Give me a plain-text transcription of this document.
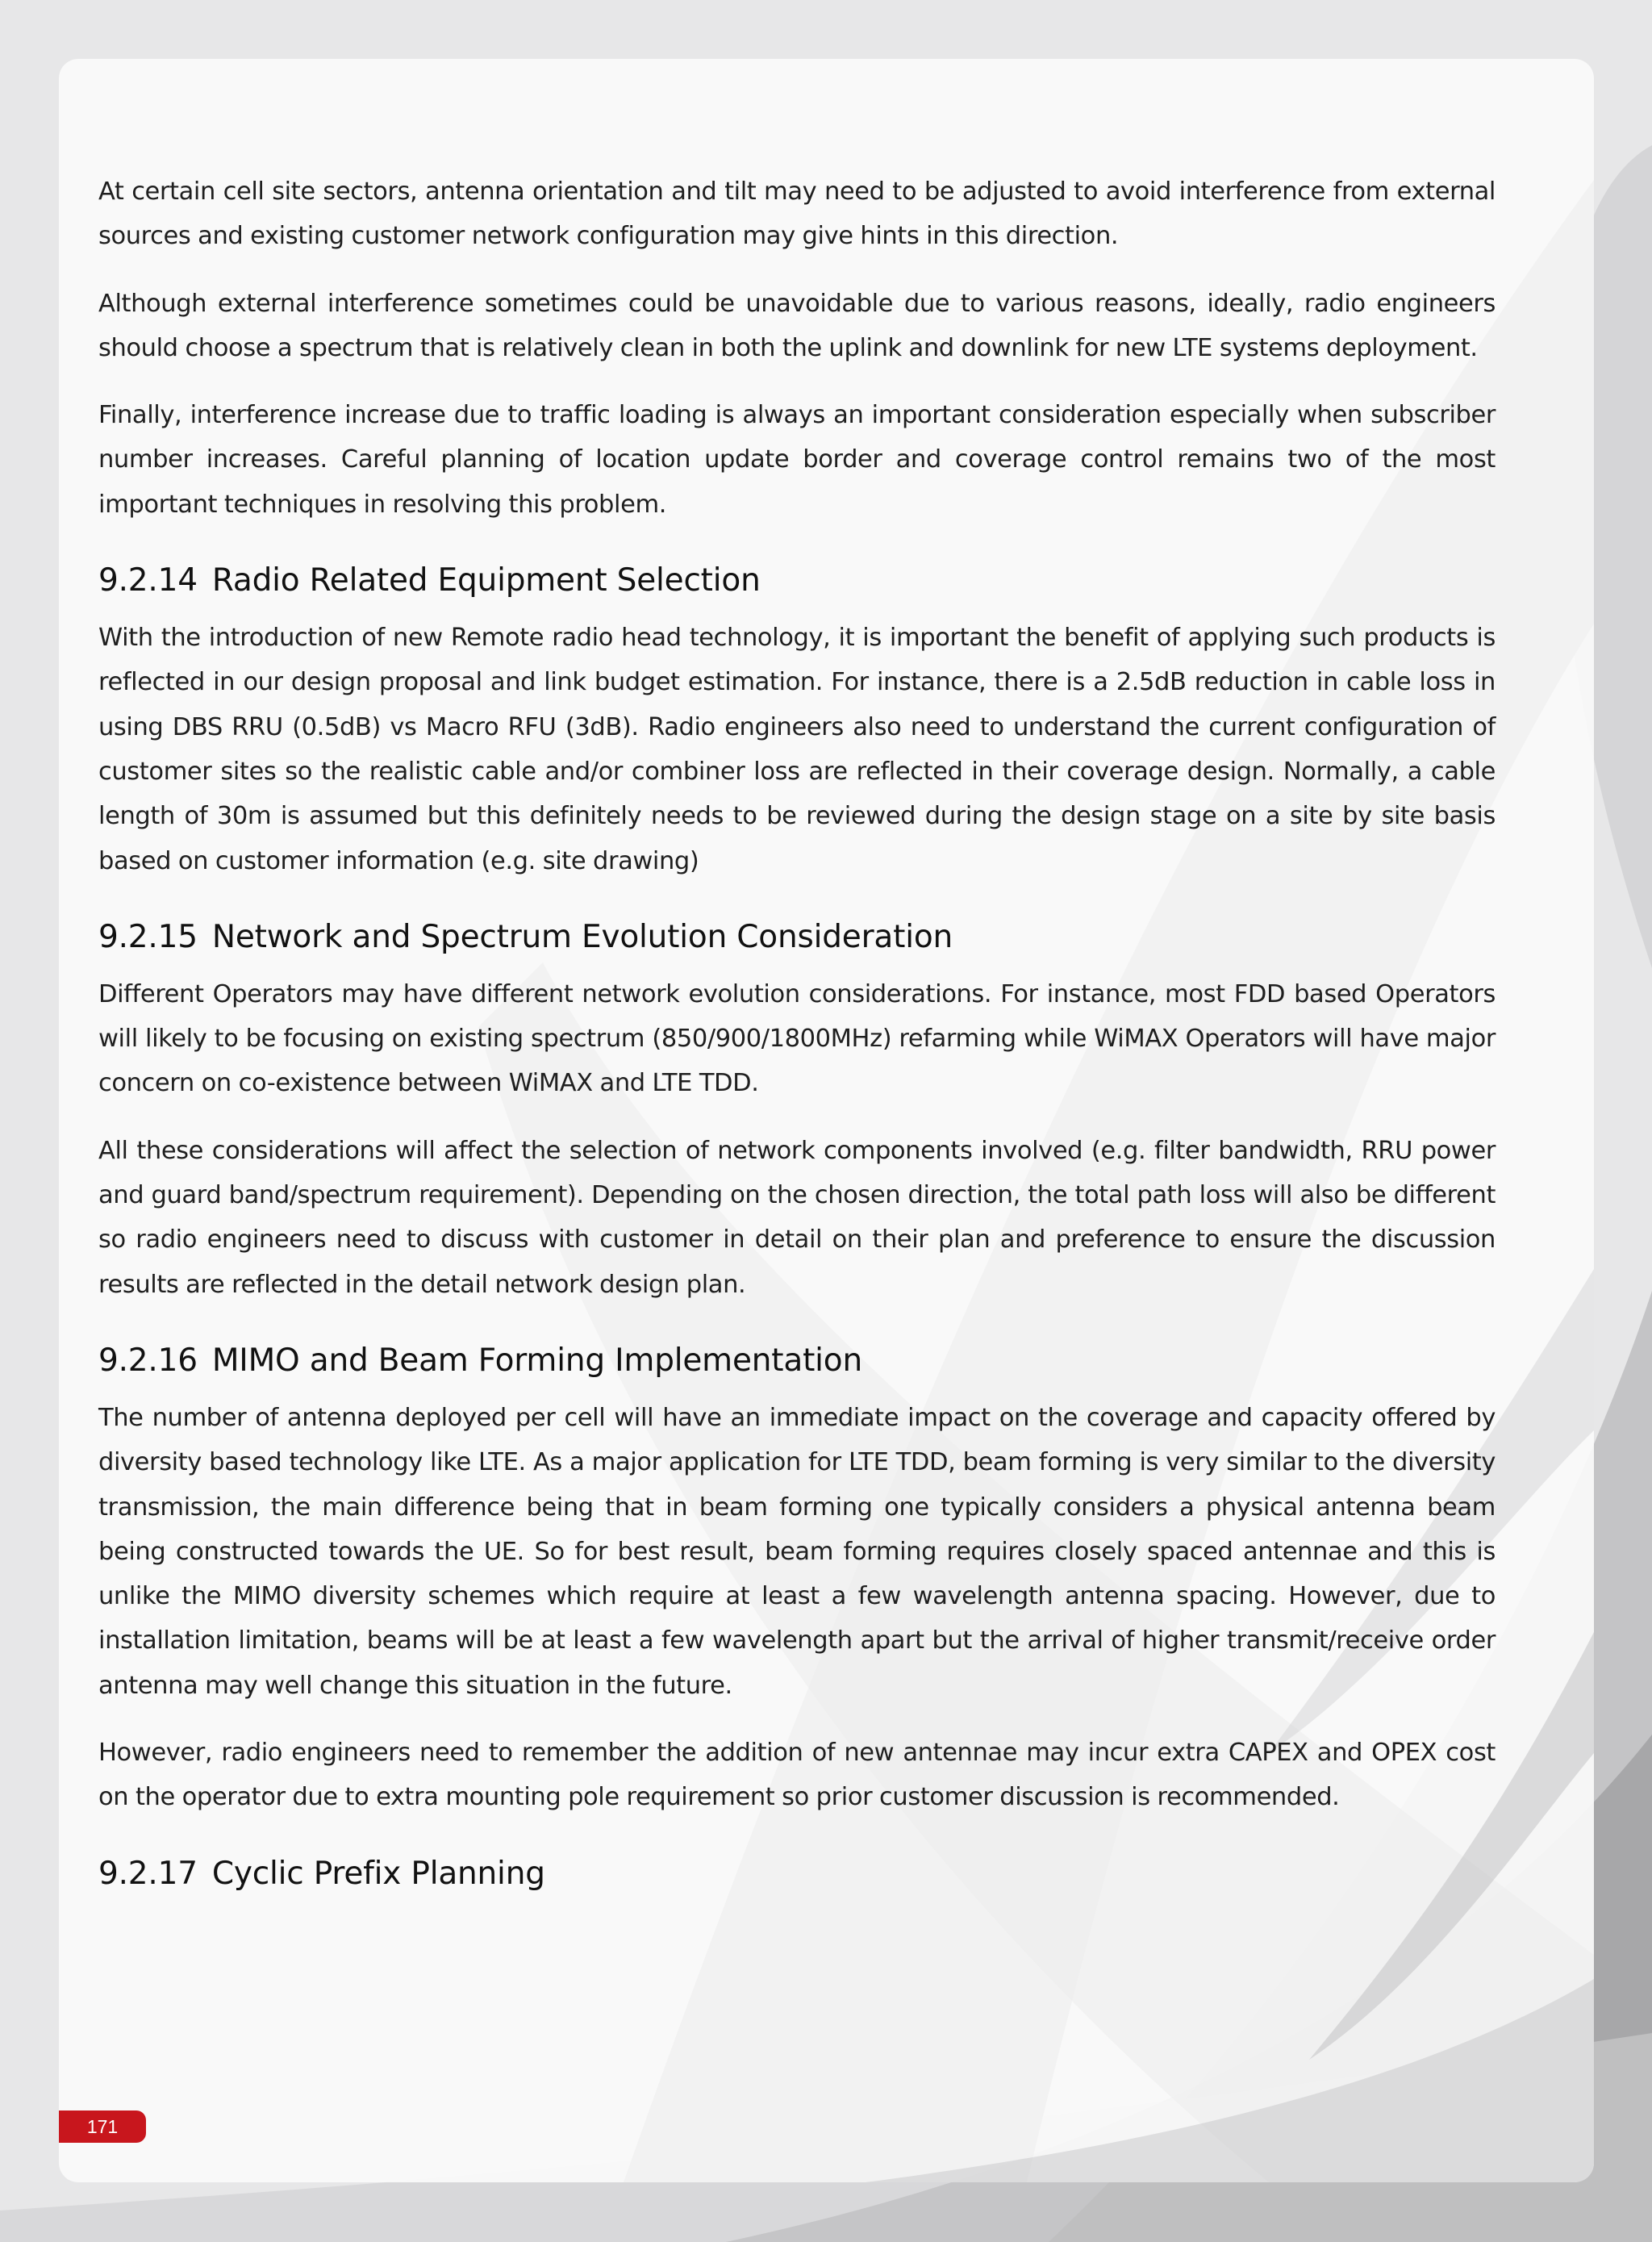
At certain cell site sectors, antenna orientation and tilt may need to be adjusted to avoid interference from external sources and existing customer network configuration may give hints in this direction.

Although external interference sometimes could be unavoidable due to various reasons, ideally, radio engineers should choose a spectrum that is relatively clean in both the uplink and downlink for new LTE systems deployment.

Finally, interference increase due to traffic loading is always an important consideration especially when subscriber number increases. Careful planning of location update border and coverage control remains two of the most important techniques in resolving this problem.

9.2.14 Radio Related Equipment Selection

With the introduction of new Remote radio head technology, it is important the benefit of applying such products is reflected in our design proposal and link budget estimation. For instance, there is a 2.5dB reduction in cable loss in using DBS RRU (0.5dB) vs Macro RFU (3dB). Radio engineers also need to understand the current configuration of customer sites so the realistic cable and/or combiner loss are reflected in their coverage design. Normally, a cable length of 30m is assumed but this definitely needs to be reviewed during the design stage on a site by site basis based on customer information (e.g. site drawing)

9.2.15 Network and Spectrum Evolution Consideration

Different Operators may have different network evolution considerations. For instance, most FDD based Operators will likely to be focusing on existing spectrum (850/900/1800MHz) refarming while WiMAX Operators will have major concern on co-existence between WiMAX and LTE TDD.

All these considerations will affect the selection of network components involved (e.g. filter bandwidth, RRU power and guard band/spectrum requirement). Depending on the chosen direction, the total path loss will also be different so radio engineers need to discuss with customer in detail on their plan and preference to ensure the discussion results are reflected in the detail network design plan.

9.2.16 MIMO and Beam Forming Implementation

The number of antenna deployed per cell will have an immediate impact on the coverage and capacity offered by diversity based technology like LTE. As a major application for LTE TDD, beam forming is very similar to the diversity transmission, the main difference being that in beam forming one typically considers a physical antenna beam being constructed towards the UE. So for best result, beam forming requires closely spaced antennae and this is unlike the MIMO diversity schemes which require at least a few wavelength antenna spacing. However, due to installation limitation, beams will be at least a few wavelength apart but the arrival of higher transmit/receive order antenna may well change this situation in the future.

However, radio engineers need to remember the addition of new antennae may incur extra CAPEX and OPEX cost on the operator due to extra mounting pole requirement so prior customer discussion is recommended.

9.2.17 Cyclic Prefix Planning
171
